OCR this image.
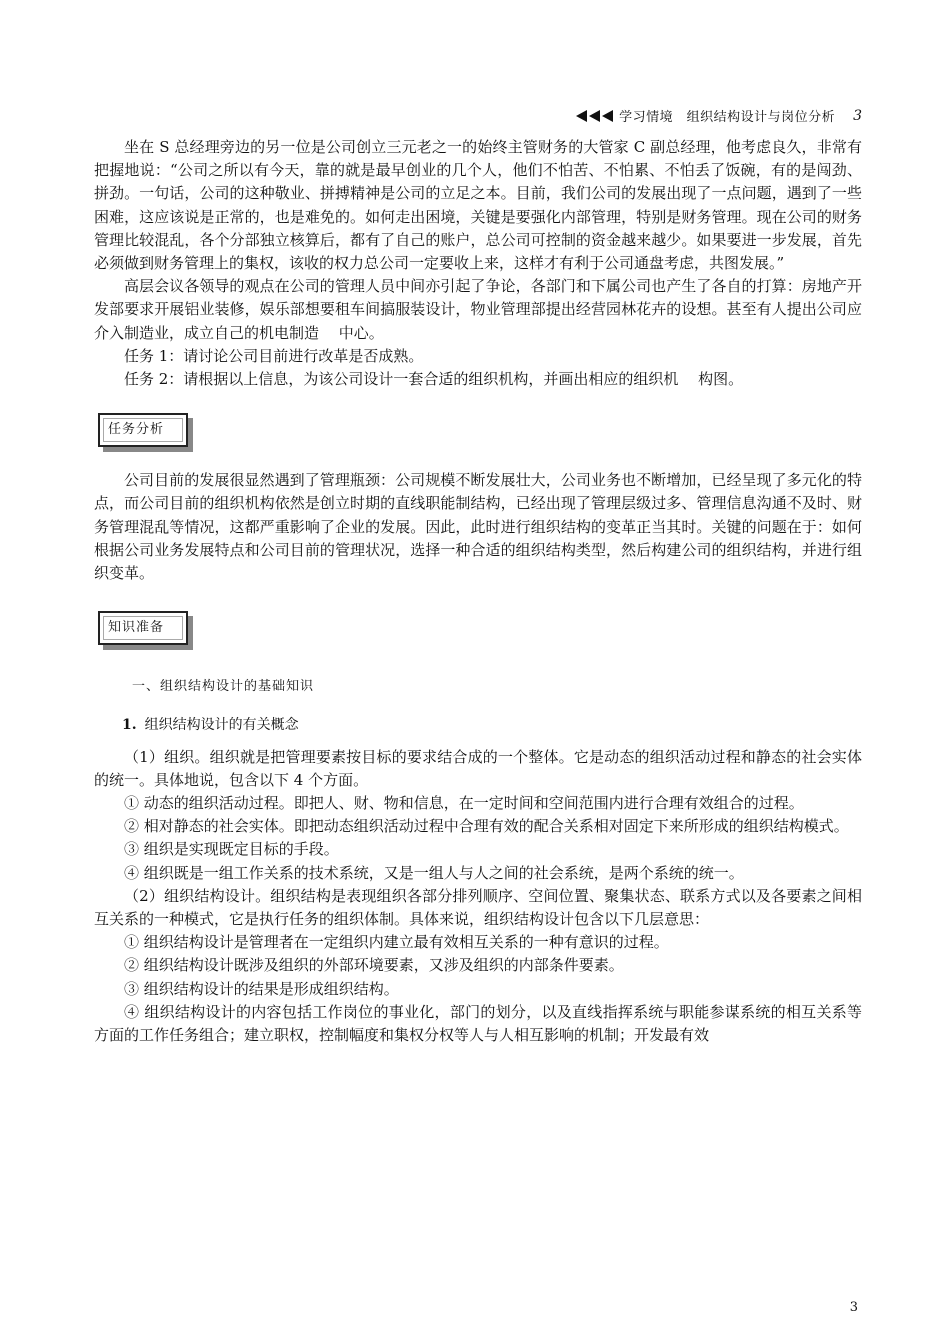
学习情境　组织结构设计与岗位分析 3

坐在 S 总经理旁边的另一位是公司创立三元老之一的始终主管财务的大管家 C 副总经理，他考虑良久，非常有把握地说：“公司之所以有今天，靠的就是最早创业的几个人，他们不怕苦、不怕累、不怕丢了饭碗，有的是闯劲、拼劲。一句话，公司的这种敬业、拼搏精神是公司的立足之本。目前，我们公司的发展出现了一点问题，遇到了一些困难，这应该说是正常的，也是难免的。如何走出困境，关键是要强化内部管理，特别是财务管理。现在公司的财务管理比较混乱，各个分部独立核算后，都有了自己的账户，总公司可控制的资金越来越少。如果要进一步发展，首先必须做到财务管理上的集权，该收的权力总公司一定要收上来，这样才有利于公司通盘考虑，共图发展。”

高层会议各领导的观点在公司的管理人员中间亦引起了争论，各部门和下属公司也产生了各自的打算：房地产开发部要求开展铝业装修，娱乐部想要租车间搞服装设计，物业管理部提出经营园林花卉的设想。甚至有人提出公司应介入制造业，成立自己的机电制造　 中心。

任务 1：请讨论公司目前进行改革是否成熟。

任务 2：请根据以上信息，为该公司设计一套合适的组织机构，并画出相应的组织机　 构图。

任务分析

公司目前的发展很显然遇到了管理瓶颈：公司规模不断发展壮大，公司业务也不断增加，已经呈现了多元化的特点，而公司目前的组织机构依然是创立时期的直线职能制结构，已经出现了管理层级过多、管理信息沟通不及时、财务管理混乱等情况，这都严重影响了企业的发展。因此，此时进行组织结构的变革正当其时。关键的问题在于：如何根据公司业务发展特点和公司目前的管理状况，选择一种合适的组织结构类型，然后构建公司的组织结构，并进行组织变革。

知识准备

一、组织结构设计的基础知识

1. 组织结构设计的有关概念

（1）组织。组织就是把管理要素按目标的要求结合成的一个整体。它是动态的组织活动过程和静态的社会实体的统一。具体地说，包含以下 4 个方面。

① 动态的组织活动过程。即把人、财、物和信息，在一定时间和空间范围内进行合理有效组合的过程。

② 相对静态的社会实体。即把动态组织活动过程中合理有效的配合关系相对固定下来所形成的组织结构模式。

③ 组织是实现既定目标的手段。

④ 组织既是一组工作关系的技术系统，又是一组人与人之间的社会系统，是两个系统的统一。

（2）组织结构设计。组织结构是表现组织各部分排列顺序、空间位置、聚集状态、联系方式以及各要素之间相互关系的一种模式，它是执行任务的组织体制。具体来说，组织结构设计包含以下几层意思：

① 组织结构设计是管理者在一定组织内建立最有效相互关系的一种有意识的过程。

② 组织结构设计既涉及组织的外部环境要素，又涉及组织的内部条件要素。

③ 组织结构设计的结果是形成组织结构。

④ 组织结构设计的内容包括工作岗位的事业化，部门的划分，以及直线指挥系统与职能参谋系统的相互关系等方面的工作任务组合；建立职权，控制幅度和集权分权等人与人相互影响的机制；开发最有效

3
